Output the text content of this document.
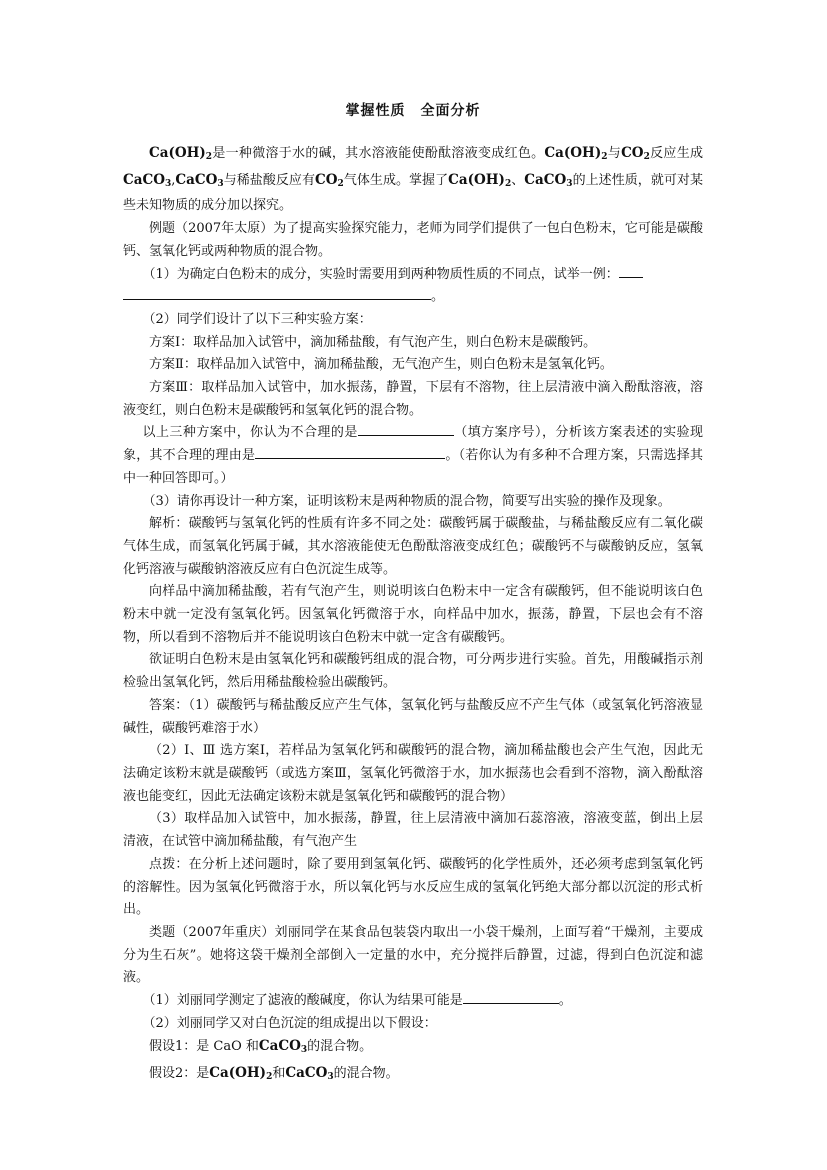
掌握性质　全面分析

$Ca(OH)_2$是一种微溶于水的碱，其水溶液能使酚酞溶液变成红色。$Ca(OH)_2$与$CO_2$反应生成CaCO$_3$,CaCO$_3$与稀盐酸反应有$CO_2$气体生成。掌握了$Ca(OH)_2$、CaCO$_3$的上述性质，就可对某些未知物质的成分加以探究。

例题（2007年太原）为了提高实验探究能力，老师为同学们提供了一包白色粉末，它可能是碳酸钙、氢氧化钙或两种物质的混合物。

（1）为确定白色粉末的成分，实验时需要用到两种物质性质的不同点，试举一例：

。

（2）同学们设计了以下三种实验方案：

方案Ⅰ：取样品加入试管中，滴加稀盐酸，有气泡产生，则白色粉末是碳酸钙。

方案Ⅱ：取样品加入试管中，滴加稀盐酸，无气泡产生，则白色粉末是氢氧化钙。

方案Ⅲ：取样品加入试管中，加水振荡，静置，下层有不溶物，往上层清液中滴入酚酞溶液，溶液变红，则白色粉末是碳酸钙和氢氧化钙的混合物。

以上三种方案中，你认为不合理的是	（填方案序号），分析该方案表述的实验现象，其不合理的理由是	。（若你认为有多种不合理方案，只需选择其中一种回答即可。）

（3）请你再设计一种方案，证明该粉末是两种物质的混合物，简要写出实验的操作及现象。

解析：碳酸钙与氢氧化钙的性质有许多不同之处：碳酸钙属于碳酸盐，与稀盐酸反应有二氧化碳气体生成，而氢氧化钙属于碱，其水溶液能使无色酚酞溶液变成红色；碳酸钙不与碳酸钠反应，氢氧化钙溶液与碳酸钠溶液反应有白色沉淀生成等。

向样品中滴加稀盐酸，若有气泡产生，则说明该白色粉末中一定含有碳酸钙，但不能说明该白色粉末中就一定没有氢氧化钙。因氢氧化钙微溶于水，向样品中加水，振荡，静置，下层也会有不溶物，所以看到不溶物后并不能说明该白色粉末中就一定含有碳酸钙。

欲证明白色粉末是由氢氧化钙和碳酸钙组成的混合物，可分两步进行实验。首先，用酸碱指示剂检验出氢氧化钙，然后用稀盐酸检验出碳酸钙。

答案：（1）碳酸钙与稀盐酸反应产生气体，氢氧化钙与盐酸反应不产生气体（或氢氧化钙溶液显碱性，碳酸钙难溶于水）

（2）Ⅰ、Ⅲ 选方案Ⅰ，若样品为氢氧化钙和碳酸钙的混合物，滴加稀盐酸也会产生气泡，因此无法确定该粉末就是碳酸钙（或选方案Ⅲ，氢氧化钙微溶于水，加水振荡也会看到不溶物，滴入酚酞溶液也能变红，因此无法确定该粉末就是氢氧化钙和碳酸钙的混合物）

（3）取样品加入试管中，加水振荡，静置，往上层清液中滴加石蕊溶液，溶液变蓝，倒出上层清液，在试管中滴加稀盐酸，有气泡产生

点拨：在分析上述问题时，除了要用到氢氧化钙、碳酸钙的化学性质外，还必须考虑到氢氧化钙的溶解性。因为氢氧化钙微溶于水，所以氧化钙与水反应生成的氢氧化钙绝大部分都以沉淀的形式析出。

类题（2007年重庆）刘丽同学在某食品包装袋内取出一小袋干燥剂，上面写着“干燥剂，主要成分为生石灰”。她将这袋干燥剂全部倒入一定量的水中，充分搅拌后静置，过滤，得到白色沉淀和滤液。

（1）刘丽同学测定了滤液的酸碱度，你认为结果可能是	。

（2）刘丽同学又对白色沉淀的组成提出以下假设：

假设1：是 CaO 和CaCO$_3$的混合物。

假设2：是$Ca(OH)_2$和CaCO$_3$的混合物。
